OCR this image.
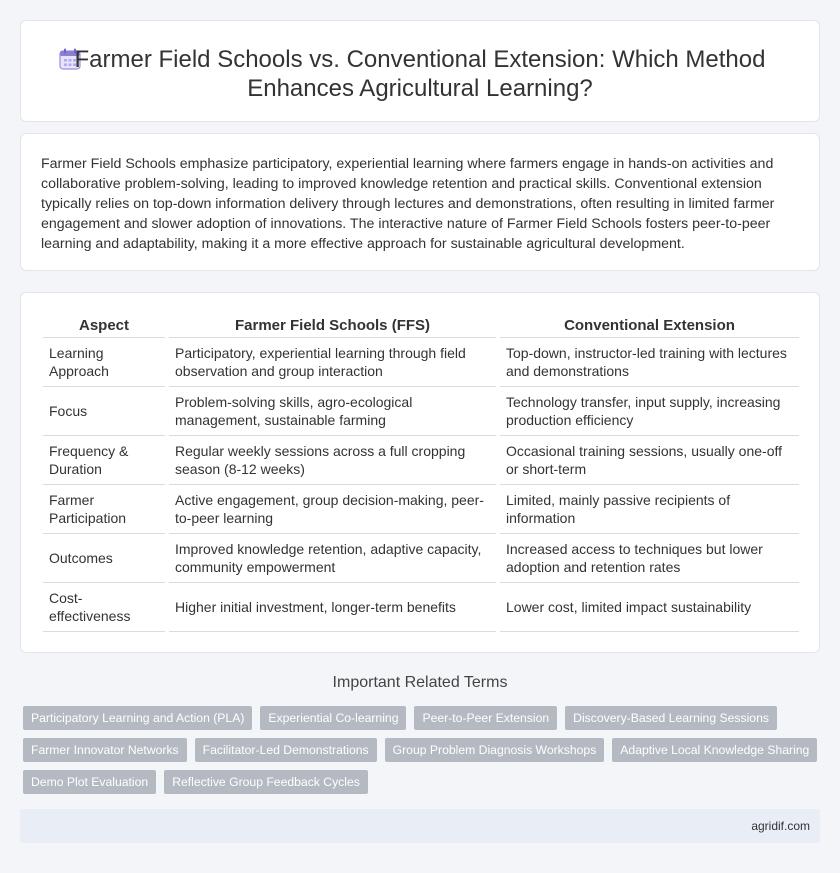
Farmer Field Schools vs. Conventional Extension: Which Method
Enhances Agricultural Learning?

Farmer Field Schools emphasize participatory, experiential learning where farmers engage in hands-on activities and collaborative problem-solving, leading to improved knowledge retention and practical skills. Conventional extension typically relies on top-down information delivery through lectures and demonstrations, often resulting in limited farmer engagement and slower adoption of innovations. The interactive nature of Farmer Field Schools fosters peer-to-peer learning and adaptability, making it a more effective approach for sustainable agricultural development.

Aspect	Farmer Field Schools (FFS)	Conventional Extension
Learning Approach	Participatory, experiential learning through field observation and group interaction	Top-down, instructor-led training with lectures and demonstrations
Focus	Problem-solving skills, agro-ecological management, sustainable farming	Technology transfer, input supply, increasing production efficiency
Frequency & Duration	Regular weekly sessions across a full cropping season (8-12 weeks)	Occasional training sessions, usually one-off or short-term
Farmer Participation	Active engagement, group decision-making, peer-to-peer learning	Limited, mainly passive recipients of information
Outcomes	Improved knowledge retention, adaptive capacity, community empowerment	Increased access to techniques but lower adoption and retention rates
Cost-effectiveness	Higher initial investment, longer-term benefits	Lower cost, limited impact sustainability
Important Related Terms
Participatory Learning and Action (PLA)	Experiential Co-learning	Peer-to-Peer Extension	Discovery-Based Learning Sessions
Farmer Innovator Networks	Facilitator-Led Demonstrations	Group Problem Diagnosis Workshops	Adaptive Local Knowledge Sharing
Demo Plot Evaluation	Reflective Group Feedback Cycles
agridif.com
